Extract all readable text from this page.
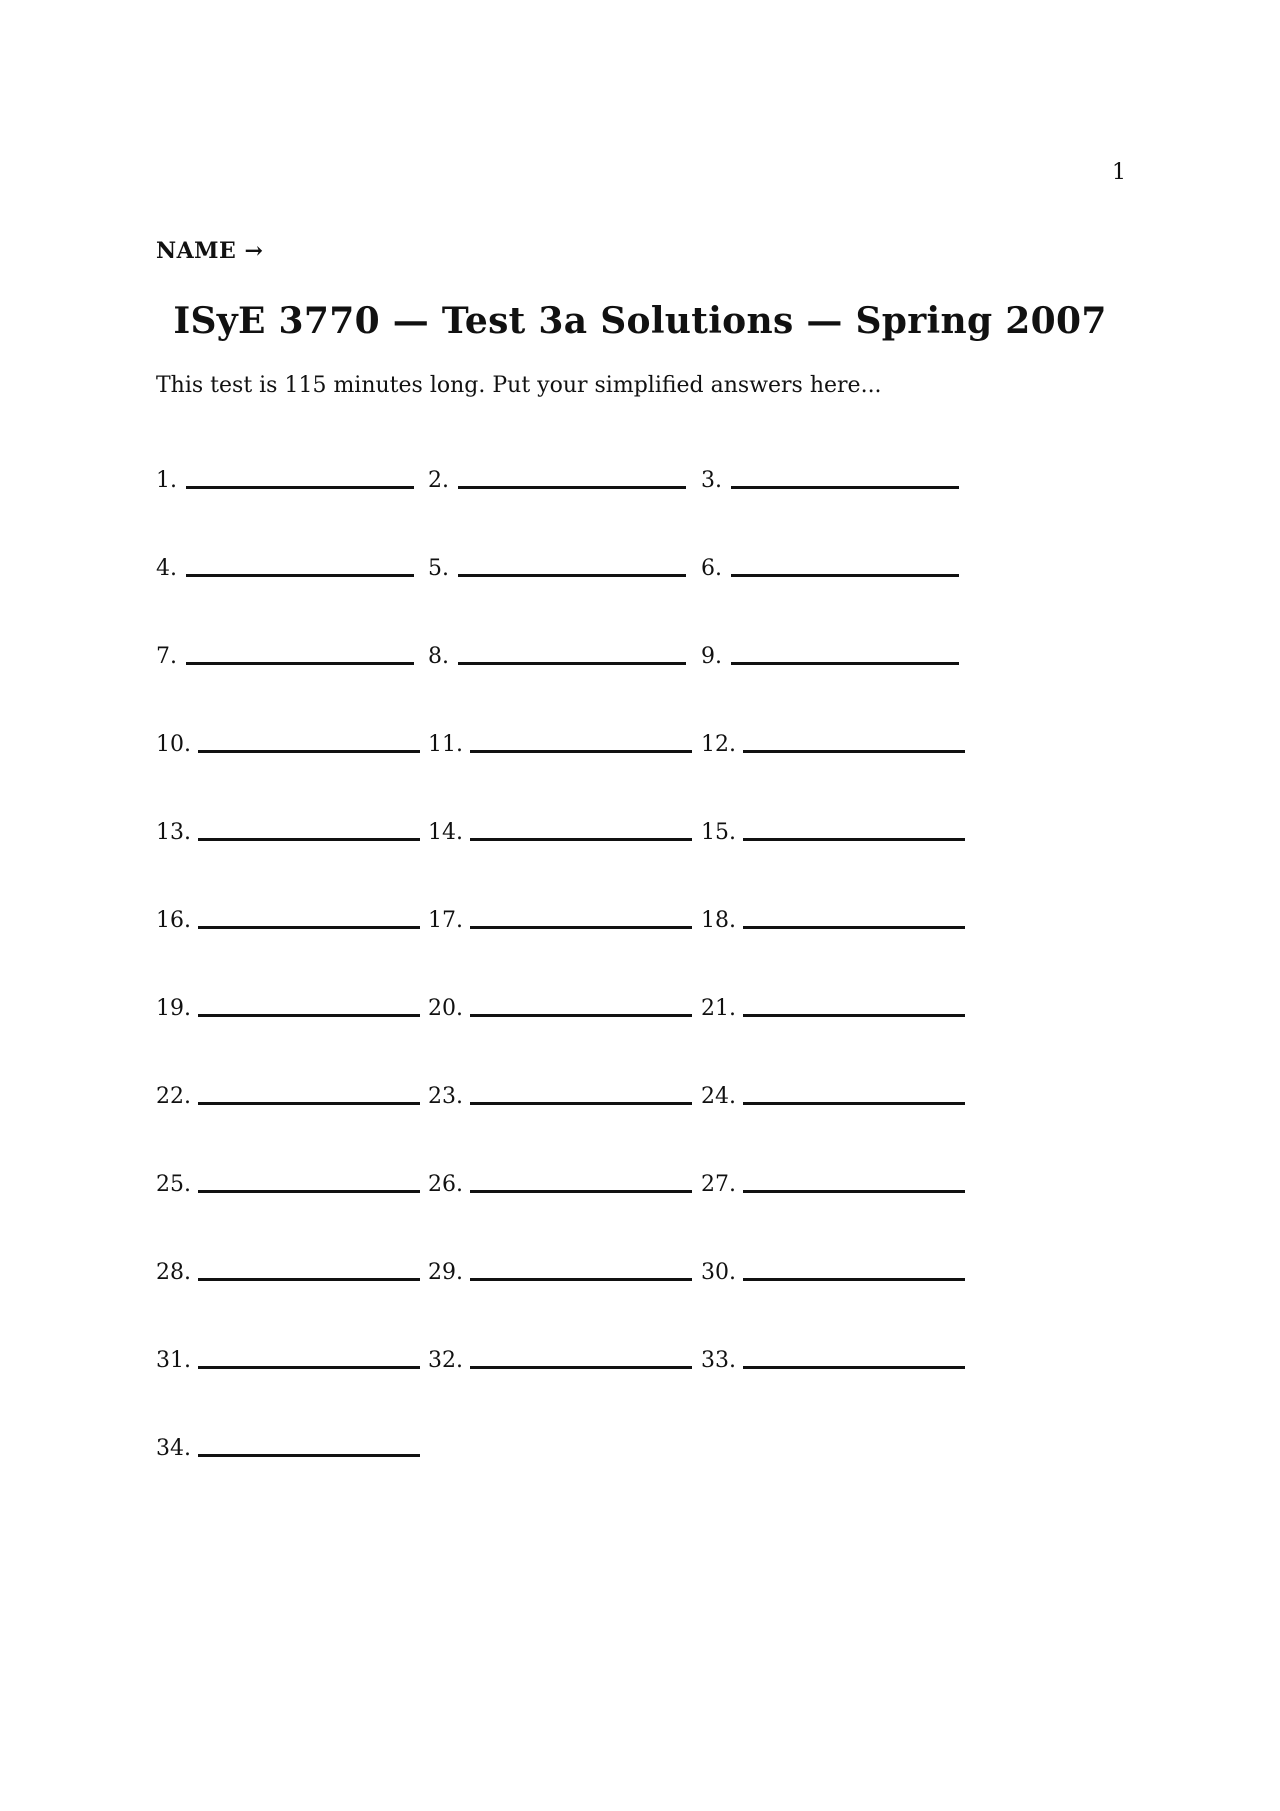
1
NAME →
ISyE 3770 — Test 3a Solutions — Spring 2007

This test is 115 minutes long. Put your simplified answers here...

1.	2.	3.
4.	5.	6.
7.	8.	9.
10.	11.	12.
13.	14.	15.
16.	17.	18.
19.	20.	21.
22.	23.	24.
25.	26.	27.
28.	29.	30.
31.	32.	33.
34.
